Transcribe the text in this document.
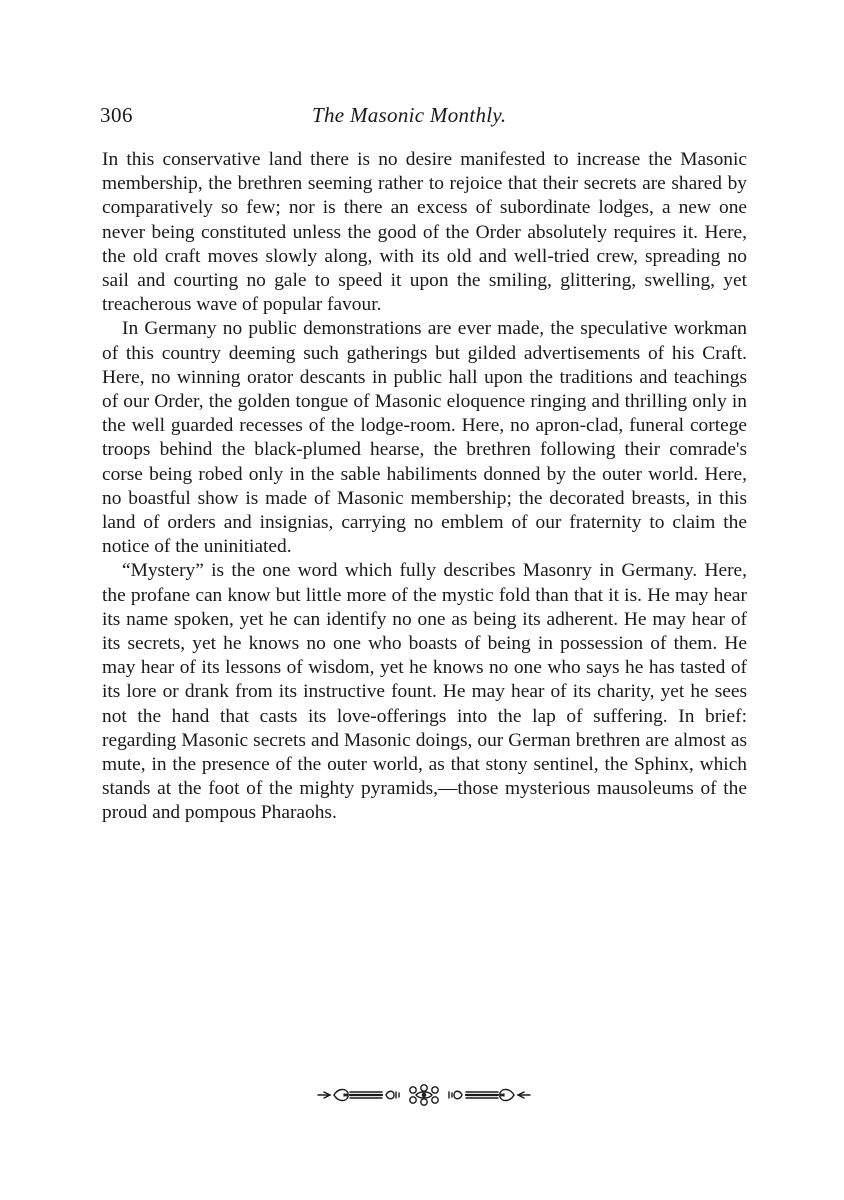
306	The Masonic Monthly.

In this conservative land there is no desire manifested to increase the Masonic membership, the brethren seeming rather to rejoice that their secrets are shared by comparatively so few; nor is there an excess of subordinate lodges, a new one never being constituted unless the good of the Order absolutely requires it. Here, the old craft moves slowly along, with its old and well-tried crew, spreading no sail and courting no gale to speed it upon the smiling, glittering, swelling, yet treacherous wave of popular favour.

In Germany no public demonstrations are ever made, the speculative workman of this country deeming such gatherings but gilded advertisements of his Craft. Here, no winning orator descants in public hall upon the traditions and teachings of our Order, the golden tongue of Masonic eloquence ringing and thrilling only in the well guarded recesses of the lodge-room. Here, no apron-clad, funeral cortege troops behind the black-plumed hearse, the brethren following their comrade's corse being robed only in the sable habiliments donned by the outer world. Here, no boastful show is made of Masonic membership; the decorated breasts, in this land of orders and insignias, carrying no emblem of our fraternity to claim the notice of the uninitiated.

“Mystery” is the one word which fully describes Masonry in Germany. Here, the profane can know but little more of the mystic fold than that it is. He may hear its name spoken, yet he can identify no one as being its adherent. He may hear of its secrets, yet he knows no one who boasts of being in possession of them. He may hear of its lessons of wisdom, yet he knows no one who says he has tasted of its lore or drank from its instructive fount. He may hear of its charity, yet he sees not the hand that casts its love-offerings into the lap of suffering. In brief: regarding Masonic secrets and Masonic doings, our German brethren are almost as mute, in the presence of the outer world, as that stony sentinel, the Sphinx, which stands at the foot of the mighty pyramids,—those mysterious mausoleums of the proud and pompous Pharaohs.
